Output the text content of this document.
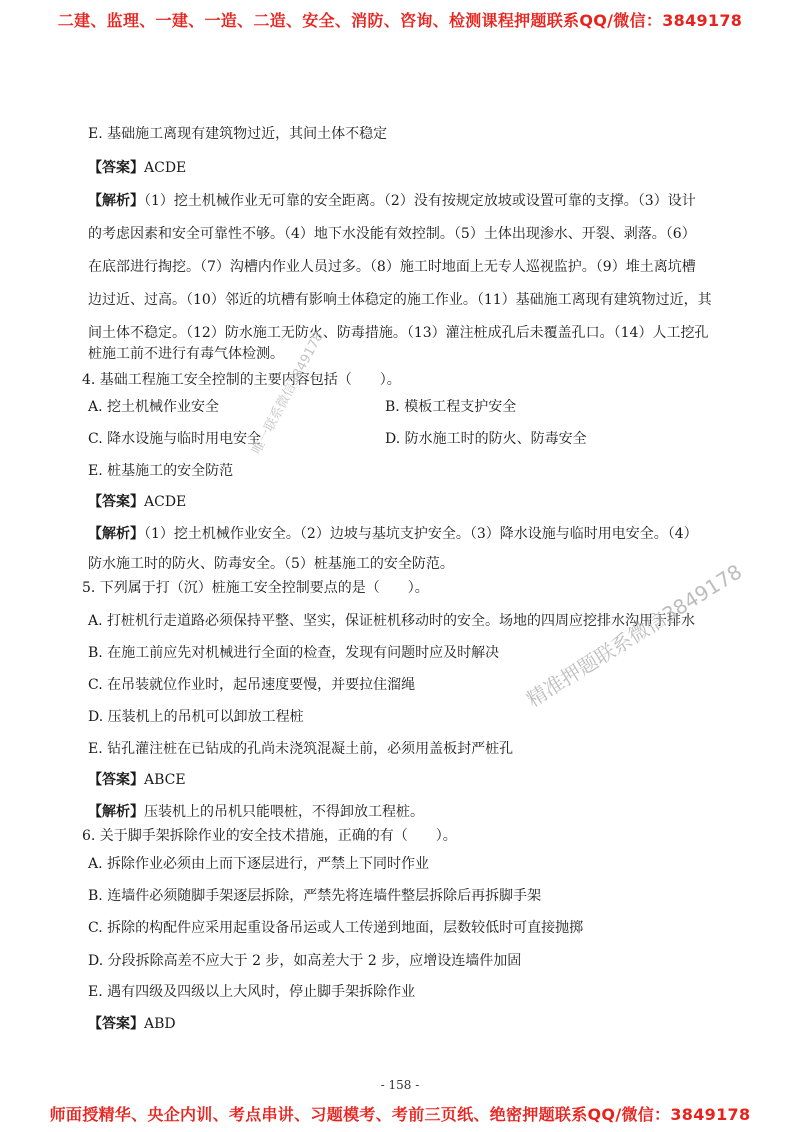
二建、监理、一建、一造、二造、安全、消防、咨询、检测课程押题联系QQ/微信：3849178
E. 基础施工离现有建筑物过近，其间土体不稳定
【答案】ACDE
【解析】（1）挖土机械作业无可靠的安全距离。（2）没有按规定放坡或设置可靠的支撑。（3）设计
的考虑因素和安全可靠性不够。（4）地下水没能有效控制。（5）土体出现渗水、开裂、剥落。（6）
在底部进行掏挖。（7）沟槽内作业人员过多。（8）施工时地面上无专人巡视监护。（9）堆土离坑槽
边过近、过高。（10）邻近的坑槽有影响土体稳定的施工作业。（11）基础施工离现有建筑物过近，其
间土体不稳定。（12）防水施工无防火、防毒措施。（13）灌注桩成孔后未覆盖孔口。（14）人工挖孔
桩施工前不进行有毒气体检测。
4. 基础工程施工安全控制的主要内容包括（　　）。
A. 挖土机械作业安全	B. 模板工程支护安全
C. 降水设施与临时用电安全	D. 防水施工时的防火、防毒安全
E. 桩基施工的安全防范
【答案】ACDE
【解析】（1）挖土机械作业安全。（2）边坡与基坑支护安全。（3）降水设施与临时用电安全。（4）
防水施工时的防火、防毒安全。（5）桩基施工的安全防范。
5. 下列属于打（沉）桩施工安全控制要点的是（　　）。
A. 打桩机行走道路必须保持平整、坚实，保证桩机移动时的安全。场地的四周应挖排水沟用于排水
B. 在施工前应先对机械进行全面的检查，发现有问题时应及时解决
C. 在吊装就位作业时，起吊速度要慢，并要拉住溜绳
D. 压装机上的吊机可以卸放工程桩
E. 钻孔灌注桩在已钻成的孔尚未浇筑混凝土前，必须用盖板封严桩孔
【答案】ABCE
【解析】压装机上的吊机只能喂桩，不得卸放工程桩。
6. 关于脚手架拆除作业的安全技术措施，正确的有（　　）。
A. 拆除作业必须由上而下逐层进行，严禁上下同时作业
B. 连墙件必须随脚手架逐层拆除，严禁先将连墙件整层拆除后再拆脚手架
C. 拆除的构配件应采用起重设备吊运或人工传递到地面，层数较低时可直接抛掷
D. 分段拆除高差不应大于 2 步，如高差大于 2 步，应增设连墙件加固
E. 遇有四级及四级以上大风时，停止脚手架拆除作业
【答案】ABD
唯一联系微信3849178
精准押题联系微信3849178
- 158 -
师面授精华、央企内训、考点串讲、习题模考、考前三页纸、绝密押题联系QQ/微信：3849178
